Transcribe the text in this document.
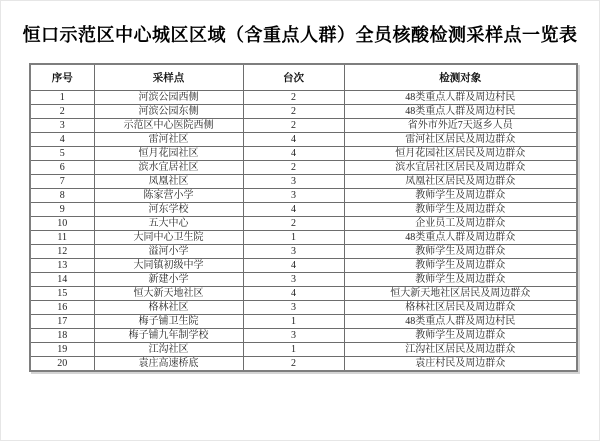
恒口示范区中心城区区域（含重点人群）全员核酸检测采样点一览表
序号	采样点	台次	检测对象
1	河滨公园西侧	2	48类重点人群及周边村民
2	河滨公园东侧	2	48类重点人群及周边村民
3	示范区中心医院西侧	2	省外市外近7天返乡人员
4	雷河社区	4	雷河社区居民及周边群众
5	恒月花园社区	4	恒月花园社区居民及周边群众
6	滨水宜居社区	2	滨水宜居社区居民及周边群众
7	凤凰社区	3	凤凰社区居民及周边群众
8	陈家营小学	3	教师学生及周边群众
9	河东学校	4	教师学生及周边群众
10	五大中心	2	企业员工及周边群众
11	大同中心卫生院	1	48类重点人群及周边群众
12	溢河小学	3	教师学生及周边群众
13	大同镇初级中学	4	教师学生及周边群众
14	新建小学	3	教师学生及周边群众
15	恒大新天地社区	4	恒大新天地社区居民及周边群众
16	格林社区	3	格林社区居民及周边群众
17	梅子铺卫生院	1	48类重点人群及周边村民
18	梅子铺九年制学校	3	教师学生及周边群众
19	江沟社区	1	江沟社区居民及周边群众
20	袁庄高速桥底	2	袁庄村民及周边群众
